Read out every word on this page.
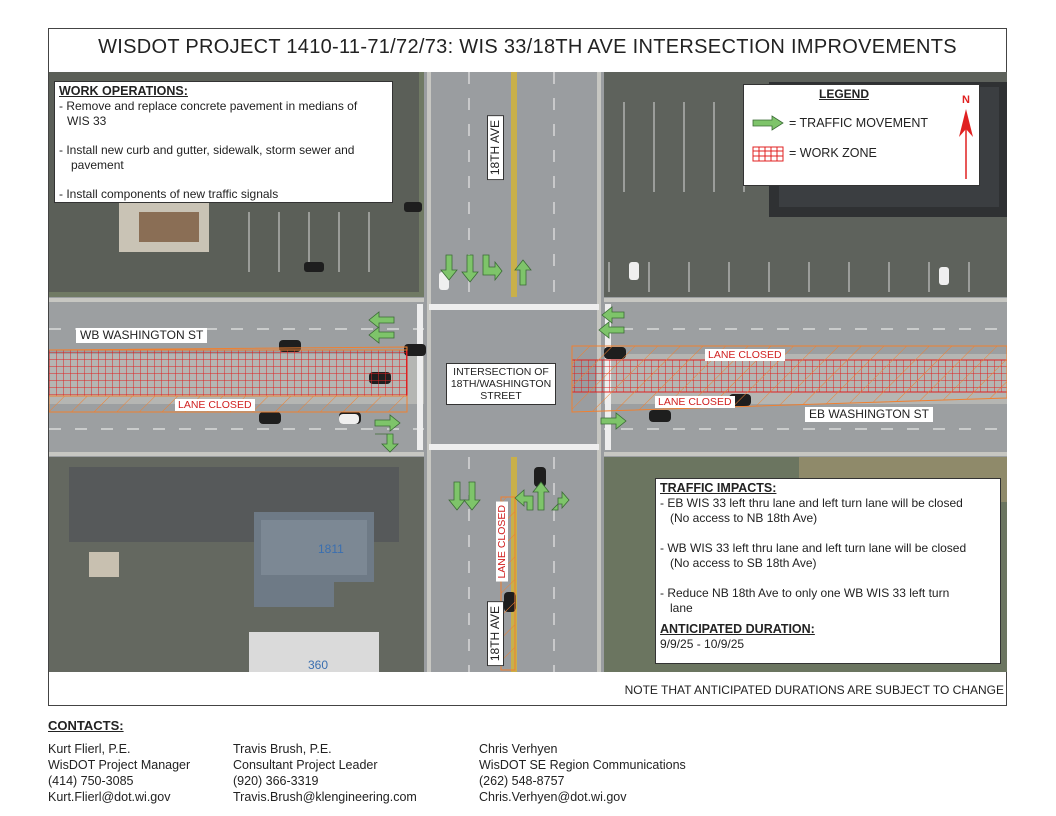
WISDOT PROJECT 1410-11-71/72/73: WIS 33/18TH AVE INTERSECTION IMPROVEMENTS
WB WASHINGTON ST
EB WASHINGTON ST
18TH AVE
18TH AVE
INTERSECTION OF
18TH/WASHINGTON
STREET
LANE CLOSED
LANE CLOSED
LANE CLOSED
LANE CLOSED
1811
360
WORK OPERATIONS:

- Remove and replace concrete pavement in medians of

WIS 33

- Install new curb and gutter, sidewalk, storm sewer and

pavement

- Install components of new traffic signals

LEGEND
= TRAFFIC MOVEMENT
= WORK ZONE
N
TRAFFIC IMPACTS:

- EB WIS 33 left thru lane and left turn lane will be closed

(No access to NB 18th Ave)

- WB WIS 33 left thru lane and left turn lane will be closed

(No access to SB 18th Ave)

- Reduce NB 18th Ave to only one WB WIS 33 left turn

lane

ANTICIPATED DURATION:

9/9/25 - 10/9/25

NOTE THAT ANTICIPATED DURATIONS ARE SUBJECT TO CHANGE
CONTACTS:
Kurt Flierl, P.E.
WisDOT Project Manager
(414) 750-3085
Kurt.Flierl@dot.wi.gov
Travis Brush, P.E.
Consultant Project Leader
(920) 366-3319
Travis.Brush@klengineering.com
Chris Verhyen
WisDOT SE Region Communications
(262) 548-8757
Chris.Verhyen@dot.wi.gov
